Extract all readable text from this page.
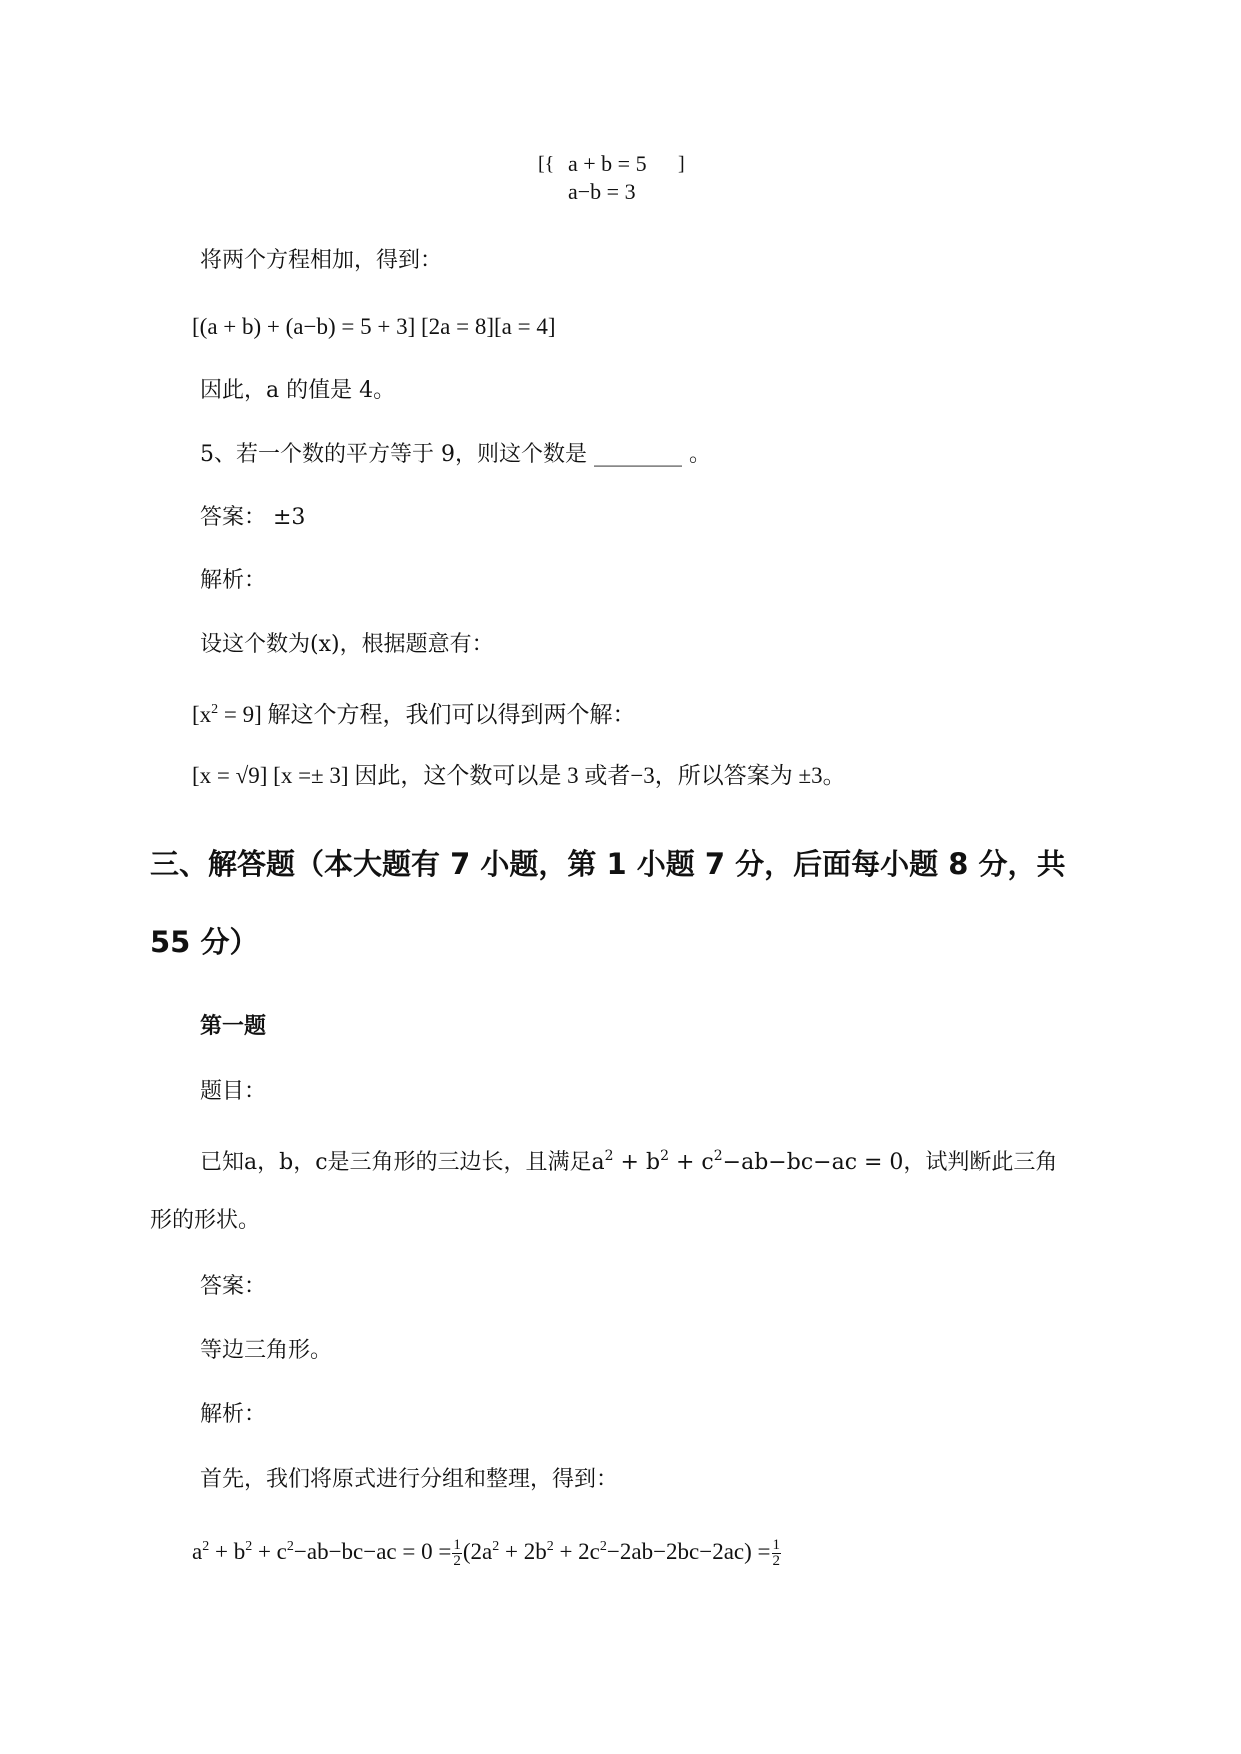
[{ a + b = 5
a−b = 3
]
将两个方程相加，得到：
[(a + b) + (a−b) = 5 + 3] [2a = 8][a = 4]
因此，a 的值是 4。
5、若一个数的平方等于 9，则这个数是 ________ 。
答案： ±3
解析：
设这个数为(x)，根据题意有：
$[x^2 = 9]$ 解这个方程，我们可以得到两个解：
[x = √9] [x =± 3] 因此，这个数可以是 3 或者−3，所以答案为 ±3。
三、解答题（本大题有 7 小题，第 1 小题 7 分，后面每小题 8 分，共
55 分）
第一题
题目：
已知a，b，c是三角形的三边长，且满足$a^2 + b^2 + c^2-ab-bc-ac = 0$，试判断此三角
形的形状。
答案：
等边三角形。
解析：
首先，我们将原式进行分组和整理，得到：
$a^2 + b^2 + c^2-ab-bc-ac = 0 = \frac{1}{2} (2a^2 + 2b^2 + 2c^2-2ab-2bc-2ac) = \frac{1}{2}$
